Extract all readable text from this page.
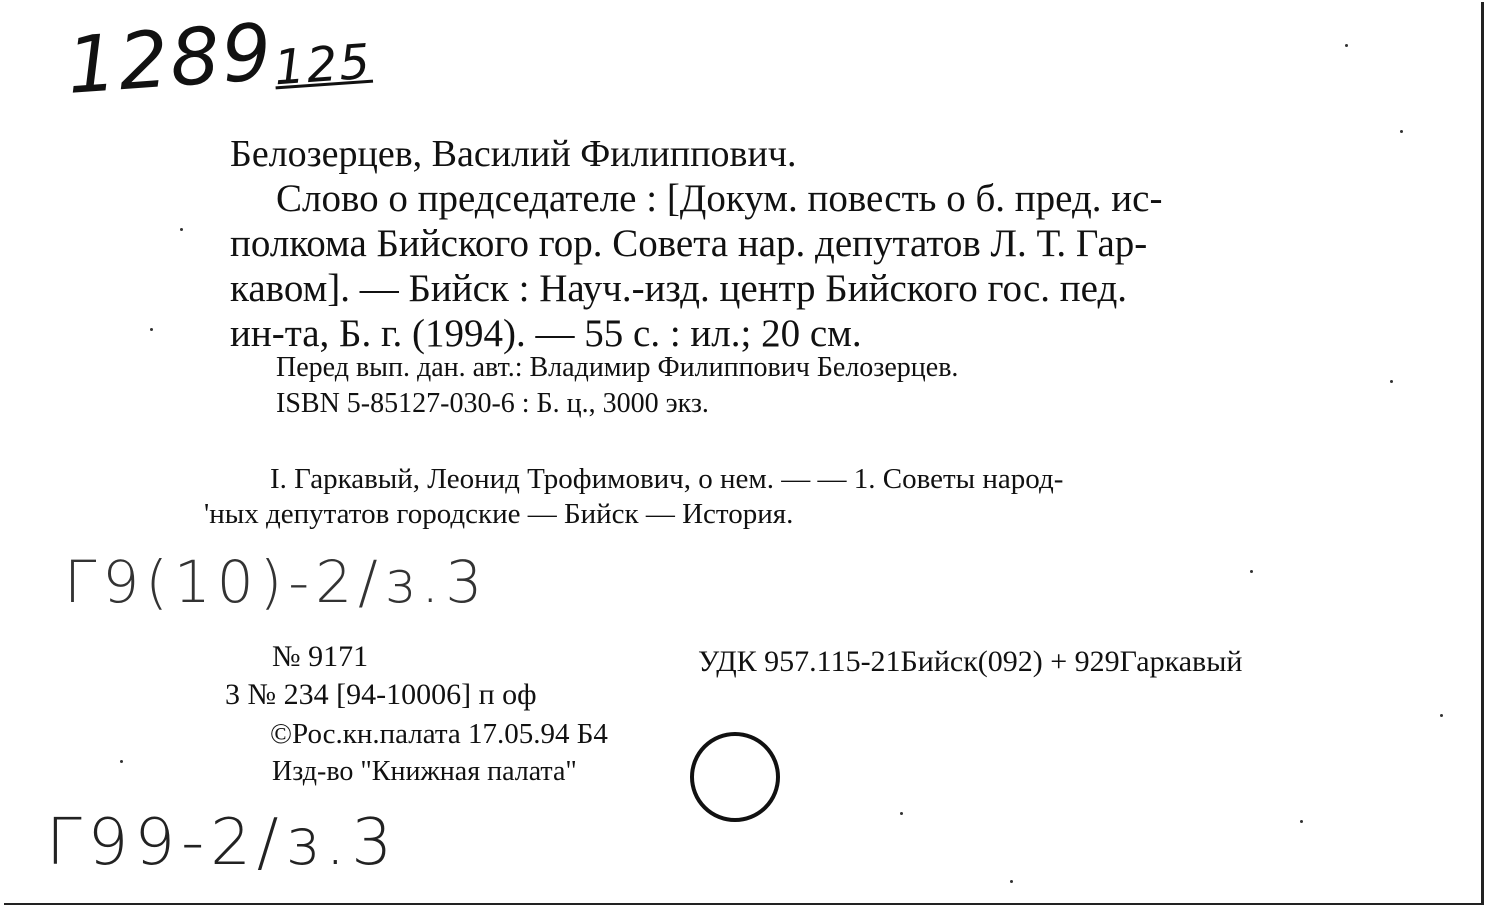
1289125
Белозерцев, Василий Филиппович.
Слово о председателе : [Докум. повесть о б. пред. ис-
полкома Бийского гор. Совета нар. депутатов Л. Т. Гар-
кавом]. — Бийск : Науч.-изд. центр Бийского гос. пед.
ин-та, Б. г. (1994). — 55 с. : ил.; 20 см.
Перед вып. дан. авт.: Владимир Филиппович Белозерцев.
ISBN 5-85127-030-6 : Б. ц., 3000 экз.
I. Гаркавый, Леонид Трофимович, о нем. — — 1. Советы народ-
'ных депутатов городские — Бийск — История.
Г9(10)-2/з.3
№ 9171	УДК 957.115-21Бийск(092) + 929Гаркавый
3 № 234 [94-10006] п оф
©Рос.кн.палата 17.05.94 Б4
Изд-во "Книжная палата"
Г99-2/з.3
